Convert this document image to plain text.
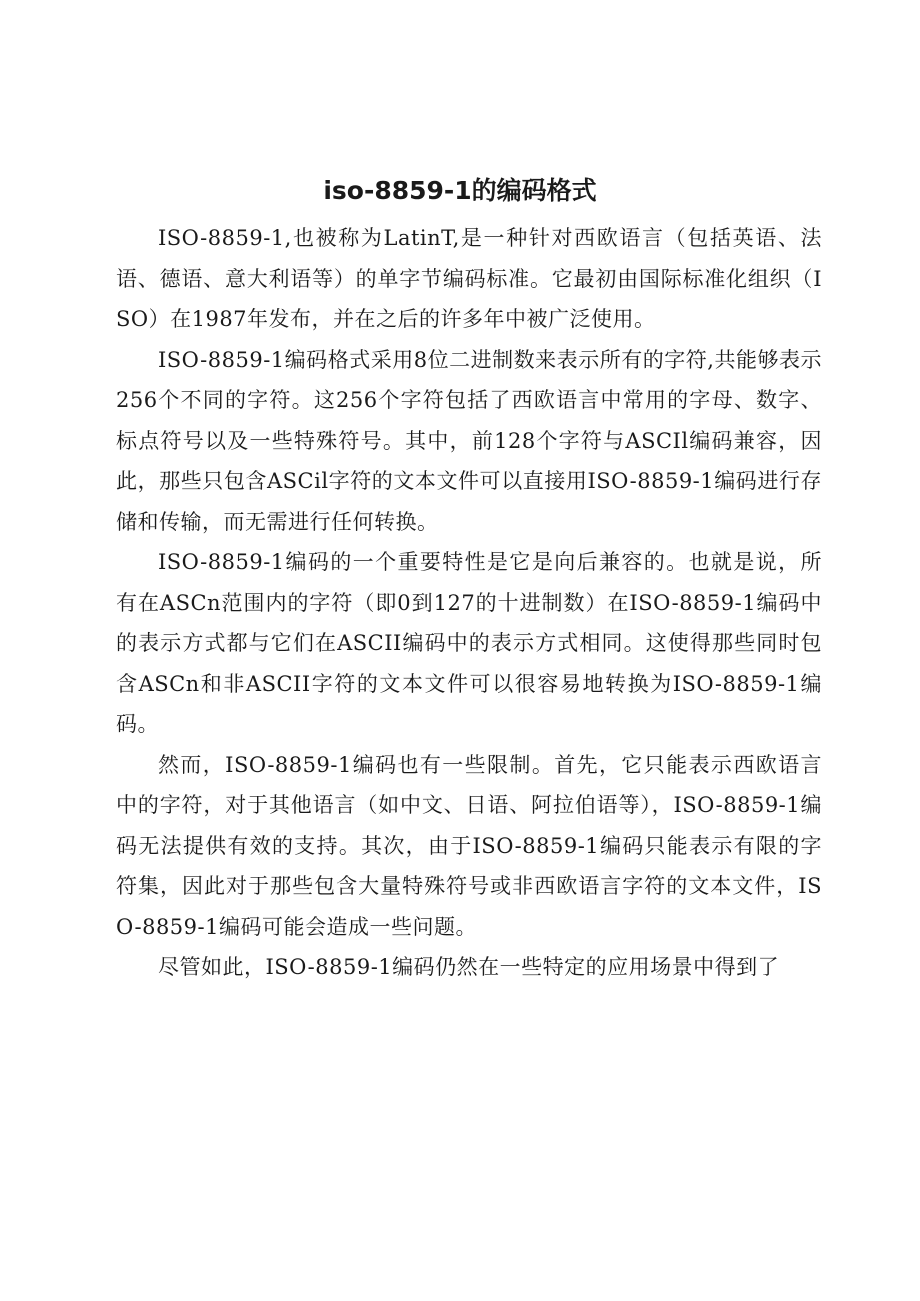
iso-8859-1的编码格式

ISO-8859-1,也被称为LatinT,是一种针对西欧语言（包括英语、法语、德语、意大利语等）的单字节编码标准。它最初由国际标准化组织（ISO）在1987年发布，并在之后的许多年中被广泛使用。

ISO-8859-1编码格式采用8位二进制数来表示所有的字符,共能够表示256个不同的字符。这256个字符包括了西欧语言中常用的字母、数字、标点符号以及一些特殊符号。其中，前128个字符与ASCIl编码兼容，因此，那些只包含ASCil字符的文本文件可以直接用ISO-8859-1编码进行存储和传输，而无需进行任何转换。

ISO-8859-1编码的一个重要特性是它是向后兼容的。也就是说，所有在ASCn范围内的字符（即0到127的十进制数）在ISO-8859-1编码中的表示方式都与它们在ASCII编码中的表示方式相同。这使得那些同时包含ASCn和非ASCII字符的文本文件可以很容易地转换为ISO-8859-1编码。

然而，ISO-8859-1编码也有一些限制。首先，它只能表示西欧语言中的字符，对于其他语言（如中文、日语、阿拉伯语等），ISO-8859-1编码无法提供有效的支持。其次，由于ISO-8859-1编码只能表示有限的字符集，因此对于那些包含大量特殊符号或非西欧语言字符的文本文件，ISO-8859-1编码可能会造成一些问题。

尽管如此，ISO-8859-1编码仍然在一些特定的应用场景中得到了
